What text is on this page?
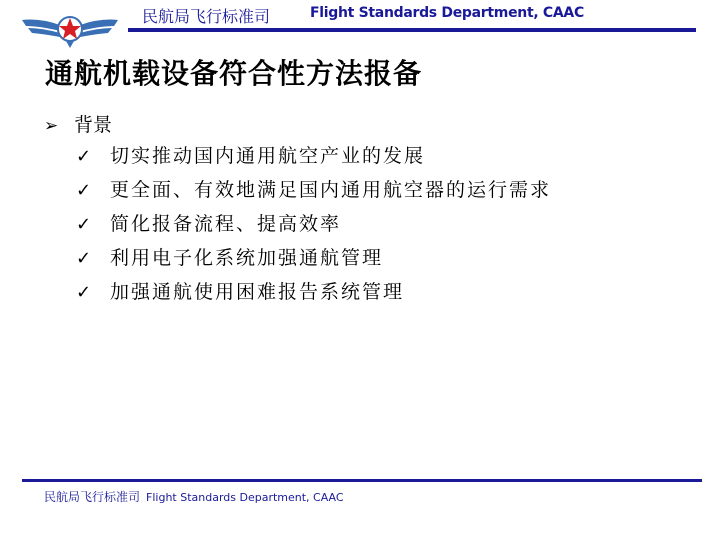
民航局飞行标准司	Flight Standards Department, CAAC
通航机载设备符合性方法报备
➢ 背景
✓ 切实推动国内通用航空产业的发展
✓ 更全面、有效地满足国内通用航空器的运行需求
✓ 简化报备流程、提高效率
✓ 利用电子化系统加强通航管理
✓ 加强通航使用困难报告系统管理
民航局飞行标准司 Flight Standards Department, CAAC
